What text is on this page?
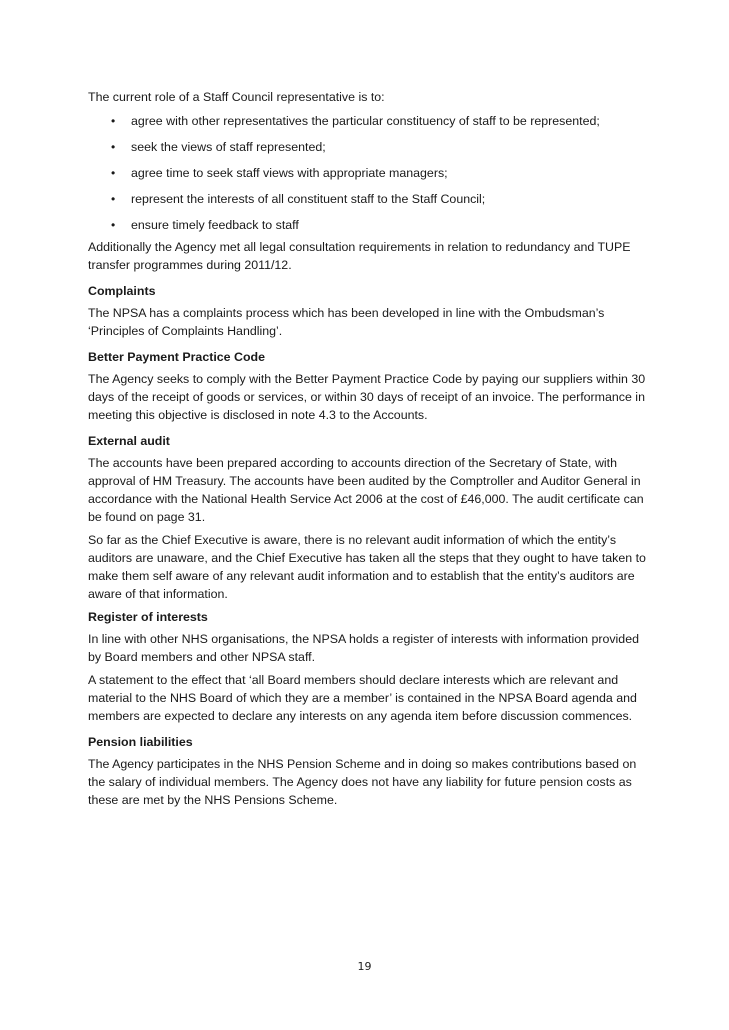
The current role of a Staff Council representative is to:

• agree with other representatives the particular constituency of staff to be represented;
• seek the views of staff represented;
• agree time to seek staff views with appropriate managers;
• represent the interests of all constituent staff to the Staff Council;
• ensure timely feedback to staff

Additionally the Agency met all legal consultation requirements in relation to redundancy and TUPE transfer programmes during 2011/12.

Complaints

The NPSA has a complaints process which has been developed in line with the Ombudsman’s ‘Principles of Complaints Handling’.

Better Payment Practice Code

The Agency seeks to comply with the Better Payment Practice Code by paying our suppliers within 30 days of the receipt of goods or services, or within 30 days of receipt of an invoice. The performance in meeting this objective is disclosed in note 4.3 to the Accounts.

External audit

The accounts have been prepared according to accounts direction of the Secretary of State, with approval of HM Treasury. The accounts have been audited by the Comptroller and Auditor General in accordance with the National Health Service Act 2006 at the cost of £46,000. The audit certificate can be found on page 31.

So far as the Chief Executive is aware, there is no relevant audit information of which the entity’s auditors are unaware, and the Chief Executive has taken all the steps that they ought to have taken to make them self aware of any relevant audit information and to establish that the entity’s auditors are aware of that information.

Register of interests

In line with other NHS organisations, the NPSA holds a register of interests with information provided by Board members and other NPSA staff.

A statement to the effect that ‘all Board members should declare interests which are relevant and material to the NHS Board of which they are a member’ is contained in the NPSA Board agenda and members are expected to declare any interests on any agenda item before discussion commences.

Pension liabilities

The Agency participates in the NHS Pension Scheme and in doing so makes contributions based on the salary of individual members. The Agency does not have any liability for future pension costs as these are met by the NHS Pensions Scheme.

19
